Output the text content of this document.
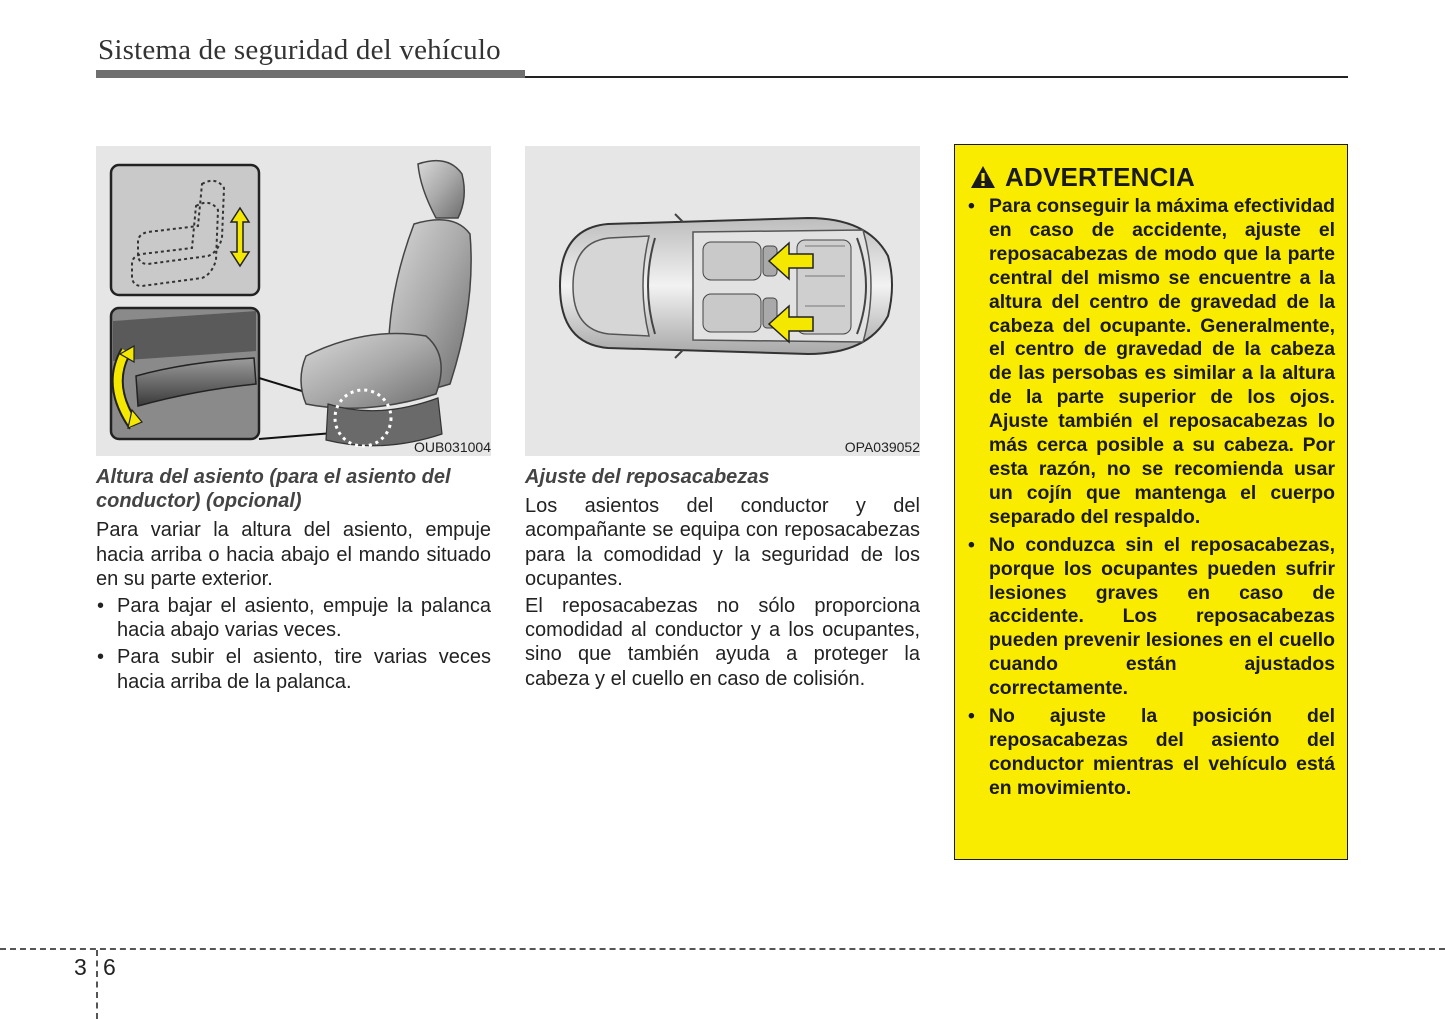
Sistema de seguridad del vehículo
OUB031004	OPA039052
Altura del asiento (para el asiento del conductor) (opcional)
Para variar la altura del asiento, empuje hacia arriba o hacia abajo el mando situado en su parte exterior.
• Para bajar el asiento, empuje la palanca hacia abajo varias veces.
• Para subir el asiento, tire varias veces hacia arriba de la palanca.
Ajuste del reposacabezas
Los asientos del conductor y del acompañante se equipa con reposacabezas para la comodidad y la seguridad de los ocupantes.
El reposacabezas no sólo proporciona comodidad al conductor y a los ocupantes, sino que también ayuda a proteger la cabeza y el cuello en caso de colisión.
ADVERTENCIA
• Para conseguir la máxima efectividad en caso de accidente, ajuste el reposacabezas de modo que la parte central del mismo se encuentre a la altura del centro de gravedad de la cabeza del ocupante. Generalmente, el centro de gravedad de la cabeza de las persobas es similar a la altura de la parte superior de los ojos. Ajuste también el reposacabezas lo más cerca posible a su cabeza. Por esta razón, no se recomienda usar un cojín que mantenga el cuerpo separado del respaldo.
• No conduzca sin el reposacabezas, porque los ocupantes pueden sufrir lesiones graves en caso de accidente. Los reposacabezas pueden prevenir lesiones en el cuello cuando están ajustados correctamente.
• No ajuste la posición del reposacabezas del asiento del conductor mientras el vehículo está en movimiento.
3 6
